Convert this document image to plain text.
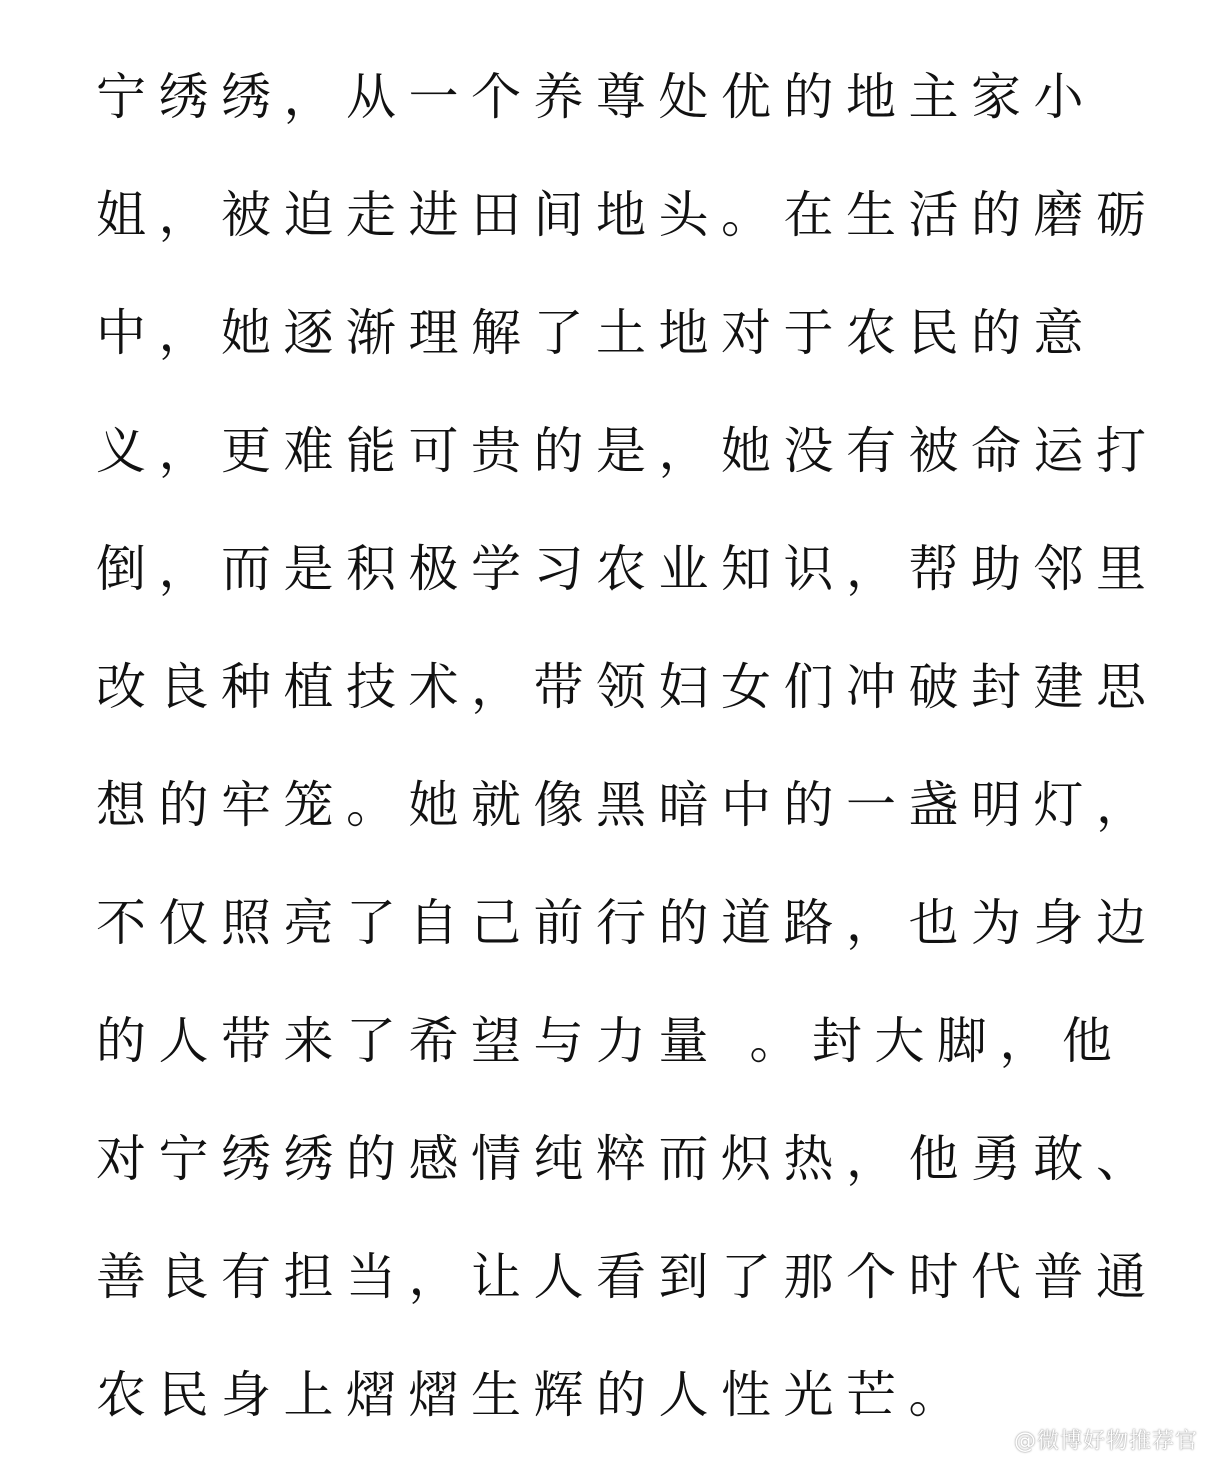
宁绣绣，从一个养尊处优的地主家小
姐，被迫走进田间地头。在生活的磨砺
中，她逐渐理解了土地对于农民的意
义，更难能可贵的是，她没有被命运打
倒，而是积极学习农业知识，帮助邻里
改良种植技术，带领妇女们冲破封建思
想的牢笼。她就像黑暗中的一盏明灯，
不仅照亮了自己前行的道路，也为身边
的人带来了希望与力量 。封大脚，他
对宁绣绣的感情纯粹而炽热，他勇敢、
善良有担当，让人看到了那个时代普通
农民身上熠熠生辉的人性光芒。
@微博好物推荐官
